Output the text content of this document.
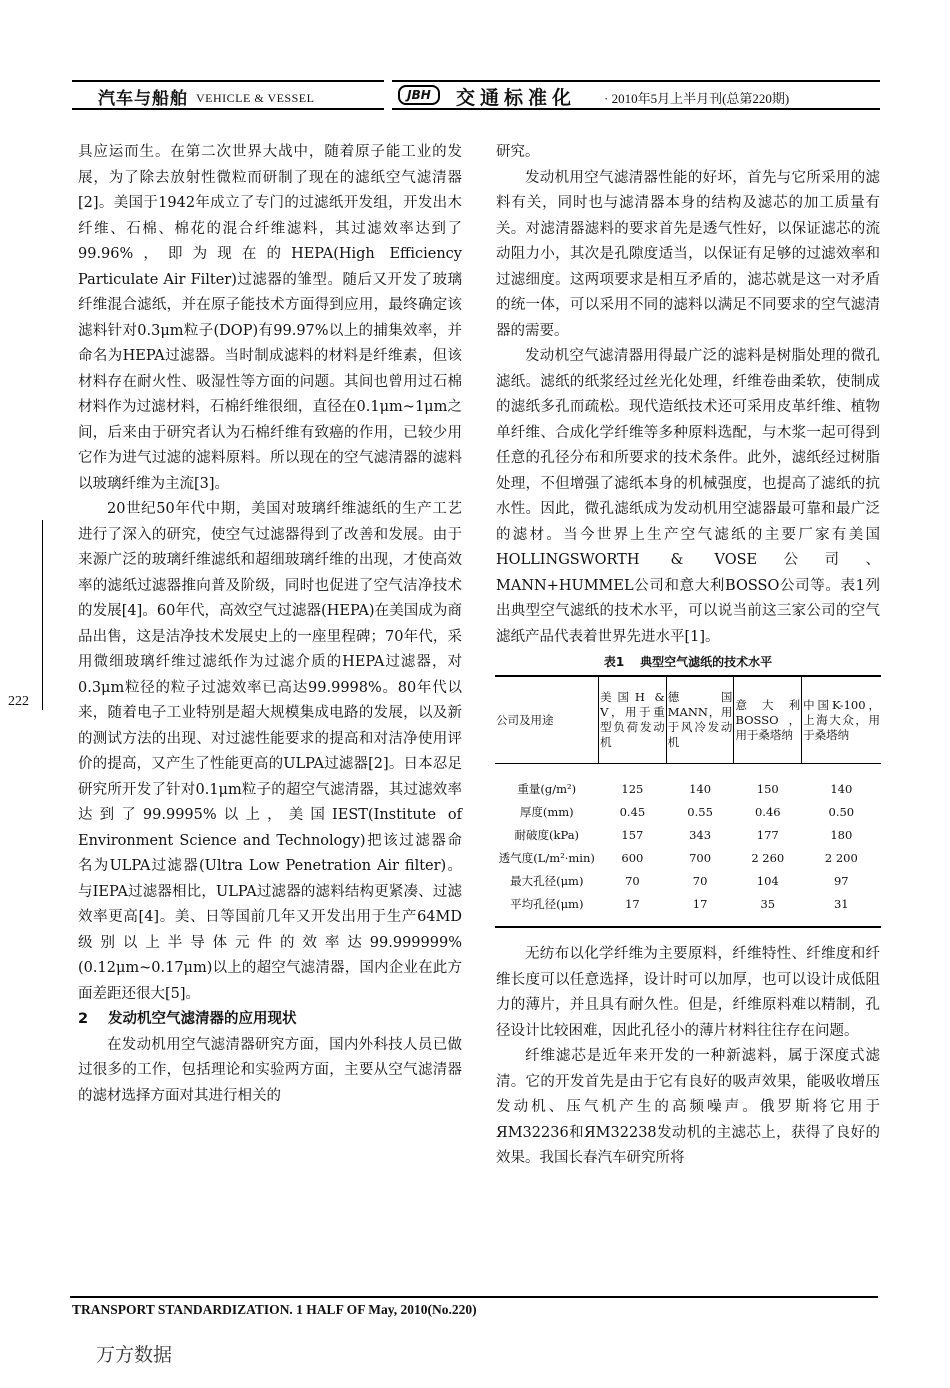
汽车与船舶 VEHICLE & VESSEL	JBH	交通标准化 · 2010年5月上半月刊(总第220期)
222

具应运而生。在第二次世界大战中，随着原子能工业的发展，为了除去放射性微粒而研制了现在的滤纸空气滤清器[2]。美国于1942年成立了专门的过滤纸开发组，开发出木纤维、石棉、棉花的混合纤维滤料，其过滤效率达到了99.96%，即为现在的HEPA(High Efficiency Particulate Air Filter)过滤器的雏型。随后又开发了玻璃纤维混合滤纸，并在原子能技术方面得到应用，最终确定该滤料针对0.3μm粒子(DOP)有99.97%以上的捕集效率，并命名为HEPA过滤器。当时制成滤料的材料是纤维素，但该材料存在耐火性、吸湿性等方面的问题。其间也曾用过石棉材料作为过滤材料，石棉纤维很细，直径在0.1μm~1μm之间，后来由于研究者认为石棉纤维有致癌的作用，已较少用它作为进气过滤的滤料原料。所以现在的空气滤清器的滤料以玻璃纤维为主流[3]。

20世纪50年代中期，美国对玻璃纤维滤纸的生产工艺进行了深入的研究，使空气过滤器得到了改善和发展。由于来源广泛的玻璃纤维滤纸和超细玻璃纤维的出现，才使高效率的滤纸过滤器推向普及阶级，同时也促进了空气洁净技术的发展[4]。60年代，高效空气过滤器(HEPA)在美国成为商品出售，这是洁净技术发展史上的一座里程碑；70年代，采用微细玻璃纤维过滤纸作为过滤介质的HEPA过滤器，对0.3μm粒径的粒子过滤效率已高达99.9998%。80年代以来，随着电子工业特别是超大规模集成电路的发展，以及新的测试方法的出现、对过滤性能要求的提高和对洁净使用评价的提高，又产生了性能更高的ULPA过滤器[2]。日本忍足研究所开发了针对0.1μm粒子的超空气滤清器，其过滤效率达到了99.9995%以上，美国IEST(Institute of Environment Science and Technology)把该过滤器命名为ULPA过滤器(Ultra Low Penetration Air filter)。与IEPA过滤器相比，ULPA过滤器的滤料结构更紧凑、过滤效率更高[4]。美、日等国前几年又开发出用于生产64MD级别以上半导体元件的效率达99.999999%(0.12μm~0.17μm)以上的超空气滤清器，国内企业在此方面差距还很大[5]。

2 发动机空气滤清器的应用现状

在发动机用空气滤清器研究方面，国内外科技人员已做过很多的工作，包括理论和实验两方面，主要从空气滤清器的滤材选择方面对其进行相关的

研究。

发动机用空气滤清器性能的好坏，首先与它所采用的滤料有关，同时也与滤清器本身的结构及滤芯的加工质量有关。对滤清器滤料的要求首先是透气性好，以保证滤芯的流动阻力小，其次是孔隙度适当，以保证有足够的过滤效率和过滤细度。这两项要求是相互矛盾的，滤芯就是这一对矛盾的统一体，可以采用不同的滤料以满足不同要求的空气滤清器的需要。

发动机空气滤清器用得最广泛的滤料是树脂处理的微孔滤纸。滤纸的纸浆经过丝光化处理，纤维卷曲柔软，使制成的滤纸多孔而疏松。现代造纸技术还可采用皮革纤维、植物单纤维、合成化学纤维等多种原料选配，与木浆一起可得到任意的孔径分布和所要求的技术条件。此外，滤纸经过树脂处理，不但增强了滤纸本身的机械强度，也提高了滤纸的抗水性。因此，微孔滤纸成为发动机用空滤器最可靠和最广泛的滤材。当今世界上生产空气滤纸的主要厂家有美国HOLLINGSWORTH & VOSE公司、MANN+HUMMEL公司和意大利BOSSO公司等。表1列出典型空气滤纸的技术水平，可以说当前这三家公司的空气滤纸产品代表着世界先进水平[1]。

表1 典型空气滤纸的技术水平
公司及用途	美国H & V，用于重型负荷发动机	德国MANN，用于风冷发动机	意大利BOSSO，用于桑塔纳	中国K-100，上海大众，用于桑塔纳
重量(g/m²)	125	140	150	140
厚度(mm)	0.45	0.55	0.46	0.50
耐破度(kPa)	157	343	177	180
透气度(L/m²·min)	600	700	2 260	2 200
最大孔径(μm)	70	70	104	97
平均孔径(μm)	17	17	35	31

无纺布以化学纤维为主要原料，纤维特性、纤维度和纤维长度可以任意选择，设计时可以加厚，也可以设计成低阻力的薄片，并且具有耐久性。但是，纤维原料难以精制，孔径设计比较困难，因此孔径小的薄片材料往往存在问题。

纤维滤芯是近年来开发的一种新滤料，属于深度式滤清。它的开发首先是由于它有良好的吸声效果，能吸收增压发动机、压气机产生的高频噪声。俄罗斯将它用于ЯМ32236和ЯМ32238发动机的主滤芯上，获得了良好的效果。我国长春汽车研究所将

TRANSPORT STANDARDIZATION. 1 HALF OF May, 2010(No.220)
万方数据
